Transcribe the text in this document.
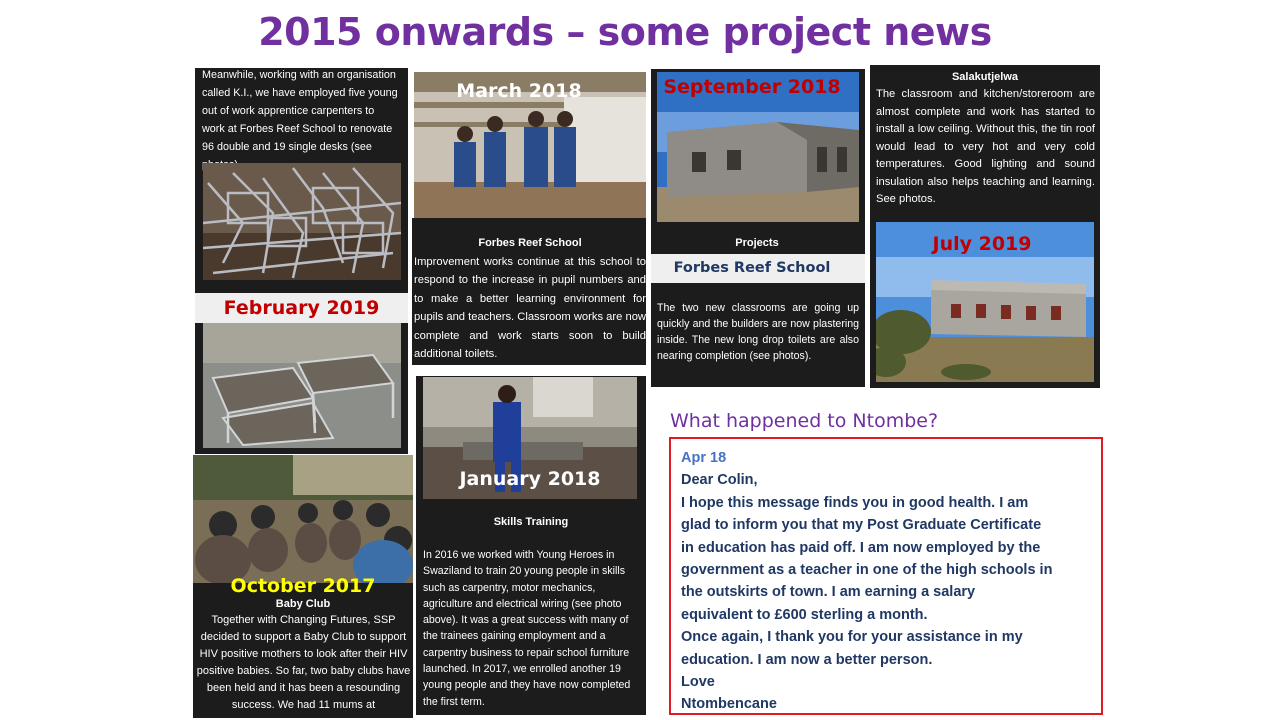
2015 onwards – some project news
Meanwhile, working with an organisation called K.I., we have employed five young out of work apprentice carpenters to work at Forbes Reef School to renovate 96 double and 19 single desks (see
February 2019
October 2017
Baby Club
Together with Changing Futures, SSP decided to support a Baby Club to support HIV positive mothers to look after their HIV positive babies. So far, two baby clubs have been held and it has been a resounding success. We had 11 mums at
March 2018
Forbes Reef School
Improvement works continue at this school to respond to the increase in pupil numbers and to make a better learning environment for pupils and teachers. Classroom works are now complete and work starts soon to build additional toilets.
January 2018
Skills Training
In 2016 we worked with Young Heroes in Swaziland to train 20 young people in skills such as carpentry, motor mechanics, agriculture and electrical wiring (see photo above). It was a great success with many of the trainees gaining employment and a carpentry business to repair school furniture launched. In 2017, we enrolled another 19 young people and they have now completed the first term.
September 2018
Projects
Forbes Reef School
The two new classrooms are going up quickly and the builders are now plastering inside. The new long drop toilets are also nearing completion (see photos).
Salakutjelwa
The classroom and kitchen/storeroom are almost complete and work has started to install a low ceiling. Without this, the tin roof would lead to very hot and very cold temperatures. Good lighting and sound insulation also helps teaching and learning. See photos.
July 2019
What happened to Ntombe?
Apr 18
Dear Colin,
I hope this message finds you in good health. I am
glad to inform you that my Post Graduate Certificate
in education has paid off. I am now employed by the
government as a teacher in one of the high schools in
the outskirts of town. I am earning a salary
equivalent to £600 sterling a month.
Once again, I thank you for your assistance in my
education. I am now a better person.
Love
Ntombencane
